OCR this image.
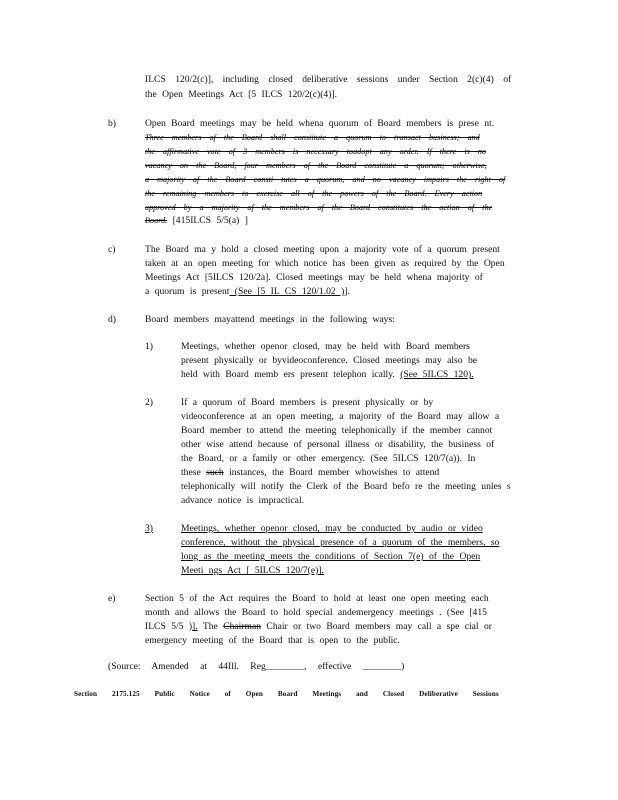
ILCS 120/2(c)], including closed deliberative sessions under Section 2(c)(4) of
the Open Meetings Act [5 ILCS 120/2(c)(4)].
b)	Open Board meetings may be held whena quorum of Board members is prese nt.
Three members of the Board shall constitute a quorum to transact business; and
the affirmative vote of 3 members is necessary toadopt any order. If there is no
vacancy on the Board, four members of the Board constitute a quorum; otherwise,
a majority of the Board consti tutes a quorum, and no vacancy impairs the right of
the remaining members to exercise all of the powers of the Board. Every action
approved by a majority of the members of the Board constitutes the action of the
Board. [415ILCS 5/5(a) ]
c)	The Board ma y hold a closed meeting upon a majority vote of a quorum present
taken at an open meeting for which notice has been given as required by the Open
Meetings Act [5ILCS 120/2a]. Closed meetings may be held whena majority of
a quorum is present (See [5 IL CS 120/1.02 )].
d)	Board members mayattend meetings in the following ways:
1)	Meetings, whether openor closed, may be held with Board members
present physically or byvideoconference. Closed meetings may also be
held with Board memb ers present telephon ically. (See 5ILCS 120).
2)	If a quorum of Board members is present physically or by
videoconference at an open meeting, a majority of the Board may allow a
Board member to attend the meeting telephonically if the member cannot
other wise attend because of personal illness or disability, the business of
the Board, or a family or other emergency. (See 5ILCS 120/7(a)). In
these such instances, the Board member whowishes to attend
telephonically will notify the Clerk of the Board befo re the meeting unles s
advance notice is impractical.
3)	Meetings, whether openor closed, may be conducted by audio or video
conference, without the physical presence of a quorum of the members, so
long as the meeting meets the conditions of Section 7(e) of the Open
Meeti ngs Act [ 5ILCS 120/7(e)].
e)	Section 5 of the Act requires the Board to hold at least one open meeting each
month and allows the Board to hold special andemergency meetings . (See [415
ILCS 5/5 )]. The Chairman Chair or two Board members may call a spe cial or
emergency meeting of the Board that is open to the public.
(Source: Amended at 44Ill. Reg________, effective ________)
Section 2175.125 Public Notice of Open Board Meetings and Closed Deliberative Sessions
